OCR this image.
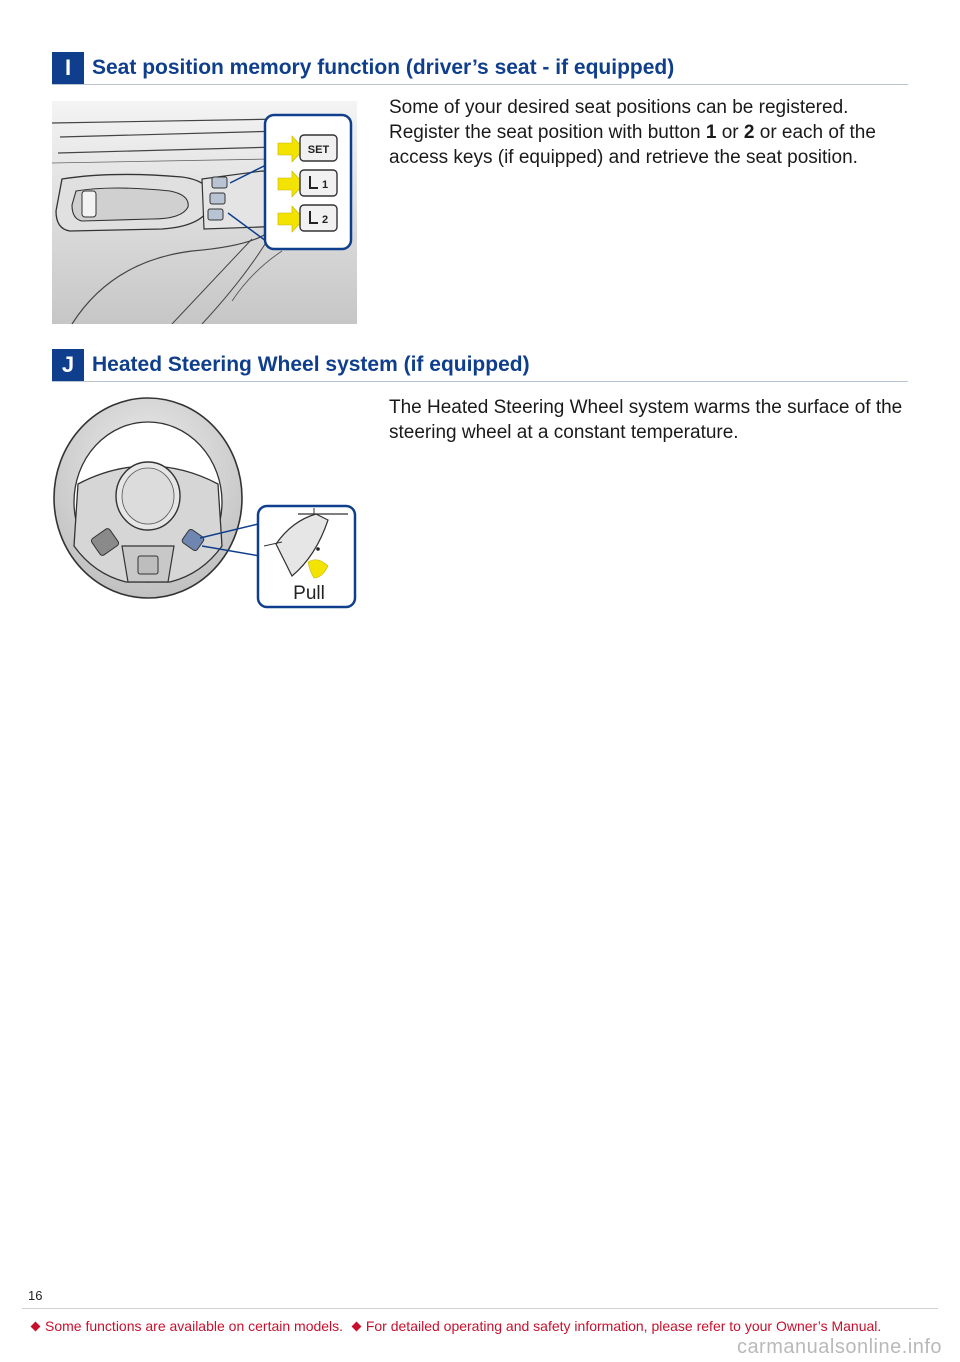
I Seat position memory function (driver’s seat - if equipped)
SET
1
2
Some of your desired seat positions can be registered. Register the seat position with button 1 or 2 or each of the access keys (if equipped) and retrieve the seat position.
J Heated Steering Wheel system (if equipped)
Pull
The Heated Steering Wheel system warms the surface of the steering wheel at a constant temperature.
16
Some functions are available on certain models. For detailed operating and safety information, please refer to your Owner’s Manual.
carmanualsonline.info
